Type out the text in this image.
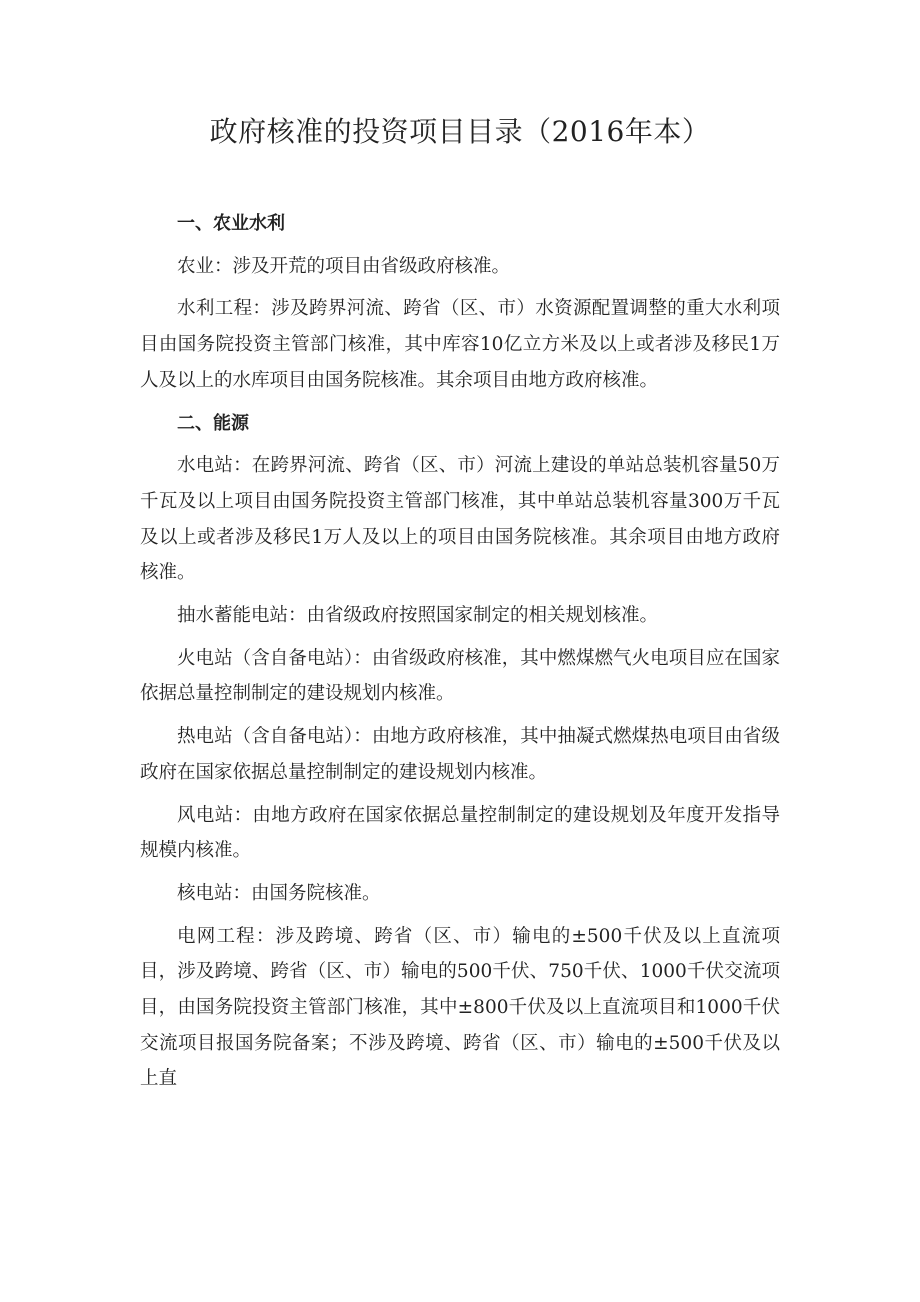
政府核准的投资项目目录（2016年本）

一、农业水利

农业：涉及开荒的项目由省级政府核准。

水利工程：涉及跨界河流、跨省（区、市）水资源配置调整的重大水利项目由国务院投资主管部门核准，其中库容10亿立方米及以上或者涉及移民1万人及以上的水库项目由国务院核准。其余项目由地方政府核准。

二、能源

水电站：在跨界河流、跨省（区、市）河流上建设的单站总装机容量50万千瓦及以上项目由国务院投资主管部门核准，其中单站总装机容量300万千瓦及以上或者涉及移民1万人及以上的项目由国务院核准。其余项目由地方政府核准。

抽水蓄能电站：由省级政府按照国家制定的相关规划核准。

火电站（含自备电站）：由省级政府核准，其中燃煤燃气火电项目应在国家依据总量控制制定的建设规划内核准。

热电站（含自备电站）：由地方政府核准，其中抽凝式燃煤热电项目由省级政府在国家依据总量控制制定的建设规划内核准。

风电站：由地方政府在国家依据总量控制制定的建设规划及年度开发指导规模内核准。

核电站：由国务院核准。

电网工程：涉及跨境、跨省（区、市）输电的±500千伏及以上直流项目，涉及跨境、跨省（区、市）输电的500千伏、750千伏、1000千伏交流项目，由国务院投资主管部门核准，其中±800千伏及以上直流项目和1000千伏交流项目报国务院备案；不涉及跨境、跨省（区、市）输电的±500千伏及以上直
